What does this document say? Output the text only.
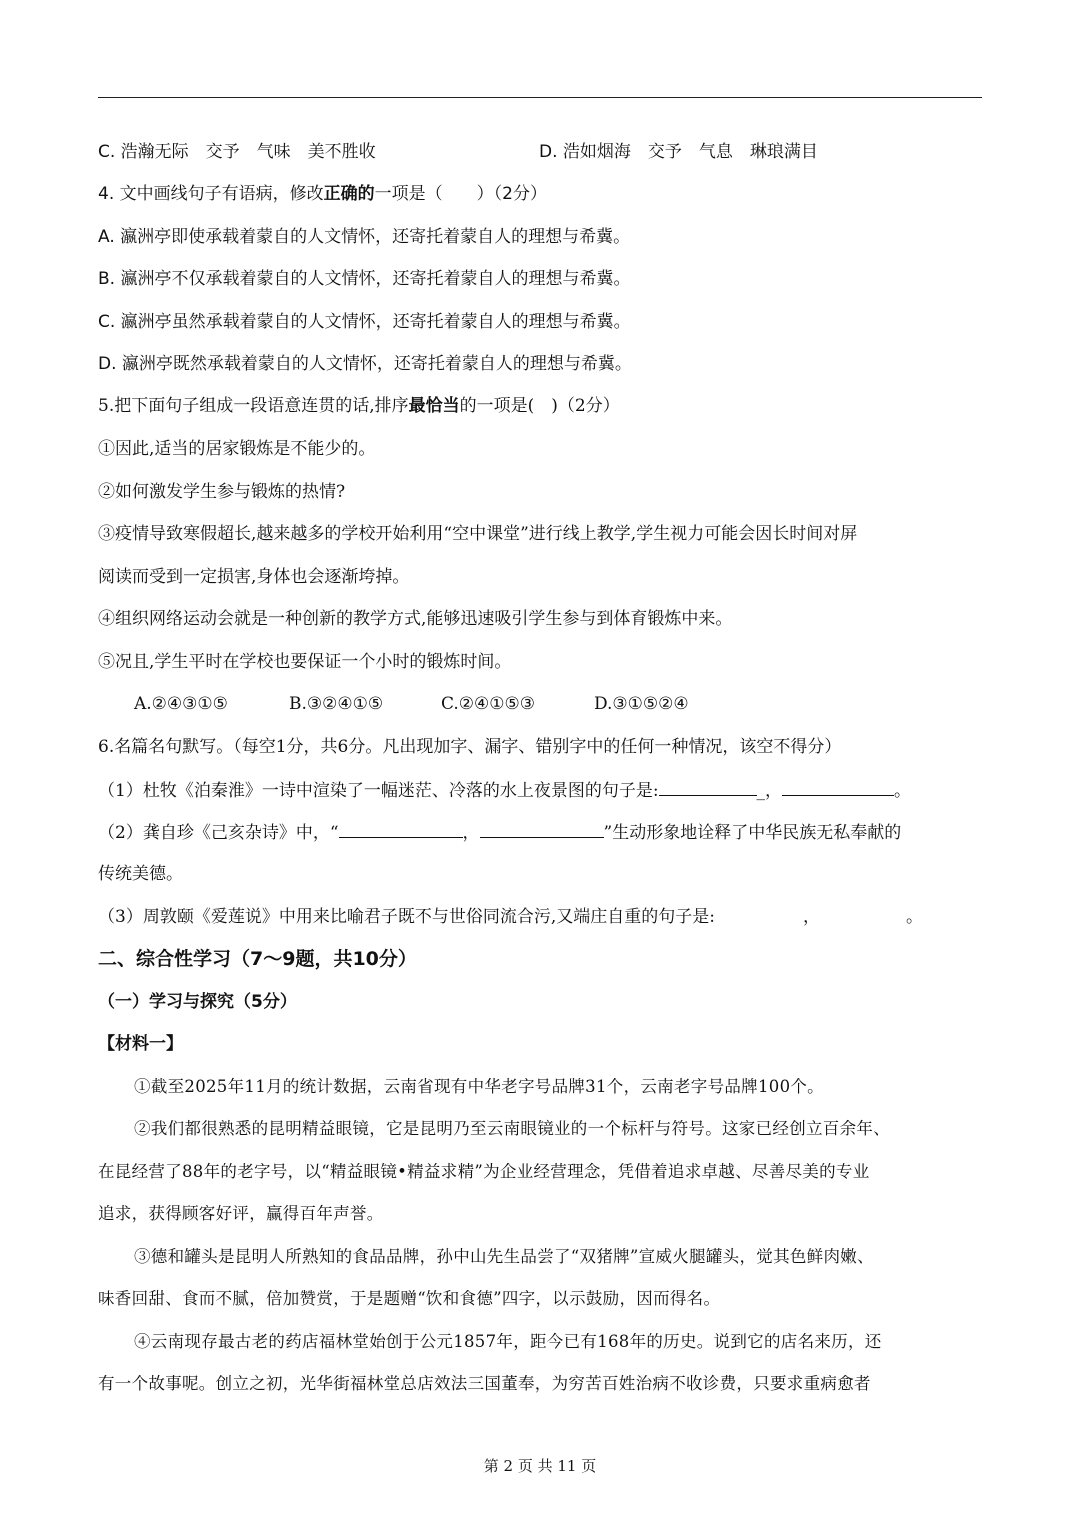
C. 浩瀚无际　交予　气味　美不胜收	D. 浩如烟海　交予　气息　琳琅满目
4. 文中画线句子有语病，修改正确的一项是（　　）（2分）
A. 瀛洲亭即使承载着蒙自的人文情怀，还寄托着蒙自人的理想与希冀。
B. 瀛洲亭不仅承载着蒙自的人文情怀，还寄托着蒙自人的理想与希冀。
C. 瀛洲亭虽然承载着蒙自的人文情怀，还寄托着蒙自人的理想与希冀。
D. 瀛洲亭既然承载着蒙自的人文情怀，还寄托着蒙自人的理想与希冀。
5.把下面句子组成一段语意连贯的话,排序最恰当的一项是(　)（2分）
①因此,适当的居家锻炼是不能少的。
②如何激发学生参与锻炼的热情?
③疫情导致寒假超长,越来越多的学校开始利用“空中课堂”进行线上教学,学生视力可能会因长时间对屏
阅读而受到一定损害,身体也会逐渐垮掉。
④组织网络运动会就是一种创新的教学方式,能够迅速吸引学生参与到体育锻炼中来。
⑤况且,学生平时在学校也要保证一个小时的锻炼时间。
A.②④③①⑤	B.③②④①⑤	C.②④①⑤③	D.③①⑤②④
6.名篇名句默写。（每空1分，共6分。凡出现加字、漏字、错别字中的任何一种情况，该空不得分）
（1）杜牧《泊秦淮》一诗中渲染了一幅迷茫、冷落的水上夜景图的句子是:	_，	。
（2）龚自珍《己亥杂诗》中，“	，	”生动形象地诠释了中华民族无私奉献的
传统美德。
（3）周敦颐《爱莲说》中用来比喻君子既不与世俗同流合污,又端庄自重的句子是:	，	。
二、综合性学习（7～9题，共10分）
（一）学习与探究（5分）
【材料一】
①截至2025年11月的统计数据，云南省现有中华老字号品牌31个，云南老字号品牌100个。
②我们都很熟悉的昆明精益眼镜，它是昆明乃至云南眼镜业的一个标杆与符号。这家已经创立百余年、
在昆经营了88年的老字号，以“精益眼镜•精益求精”为企业经营理念，凭借着追求卓越、尽善尽美的专业
追求，获得顾客好评，赢得百年声誉。
③德和罐头是昆明人所熟知的食品品牌，孙中山先生品尝了“双猪牌”宣威火腿罐头，觉其色鲜肉嫩、
味香回甜、食而不腻，倍加赞赏，于是题赠“饮和食德”四字，以示鼓励，因而得名。
④云南现存最古老的药店福林堂始创于公元1857年，距今已有168年的历史。说到它的店名来历，还
有一个故事呢。创立之初，光华街福林堂总店效法三国董奉，为穷苦百姓治病不收诊费，只要求重病愈者
第 2 页 共 11 页
